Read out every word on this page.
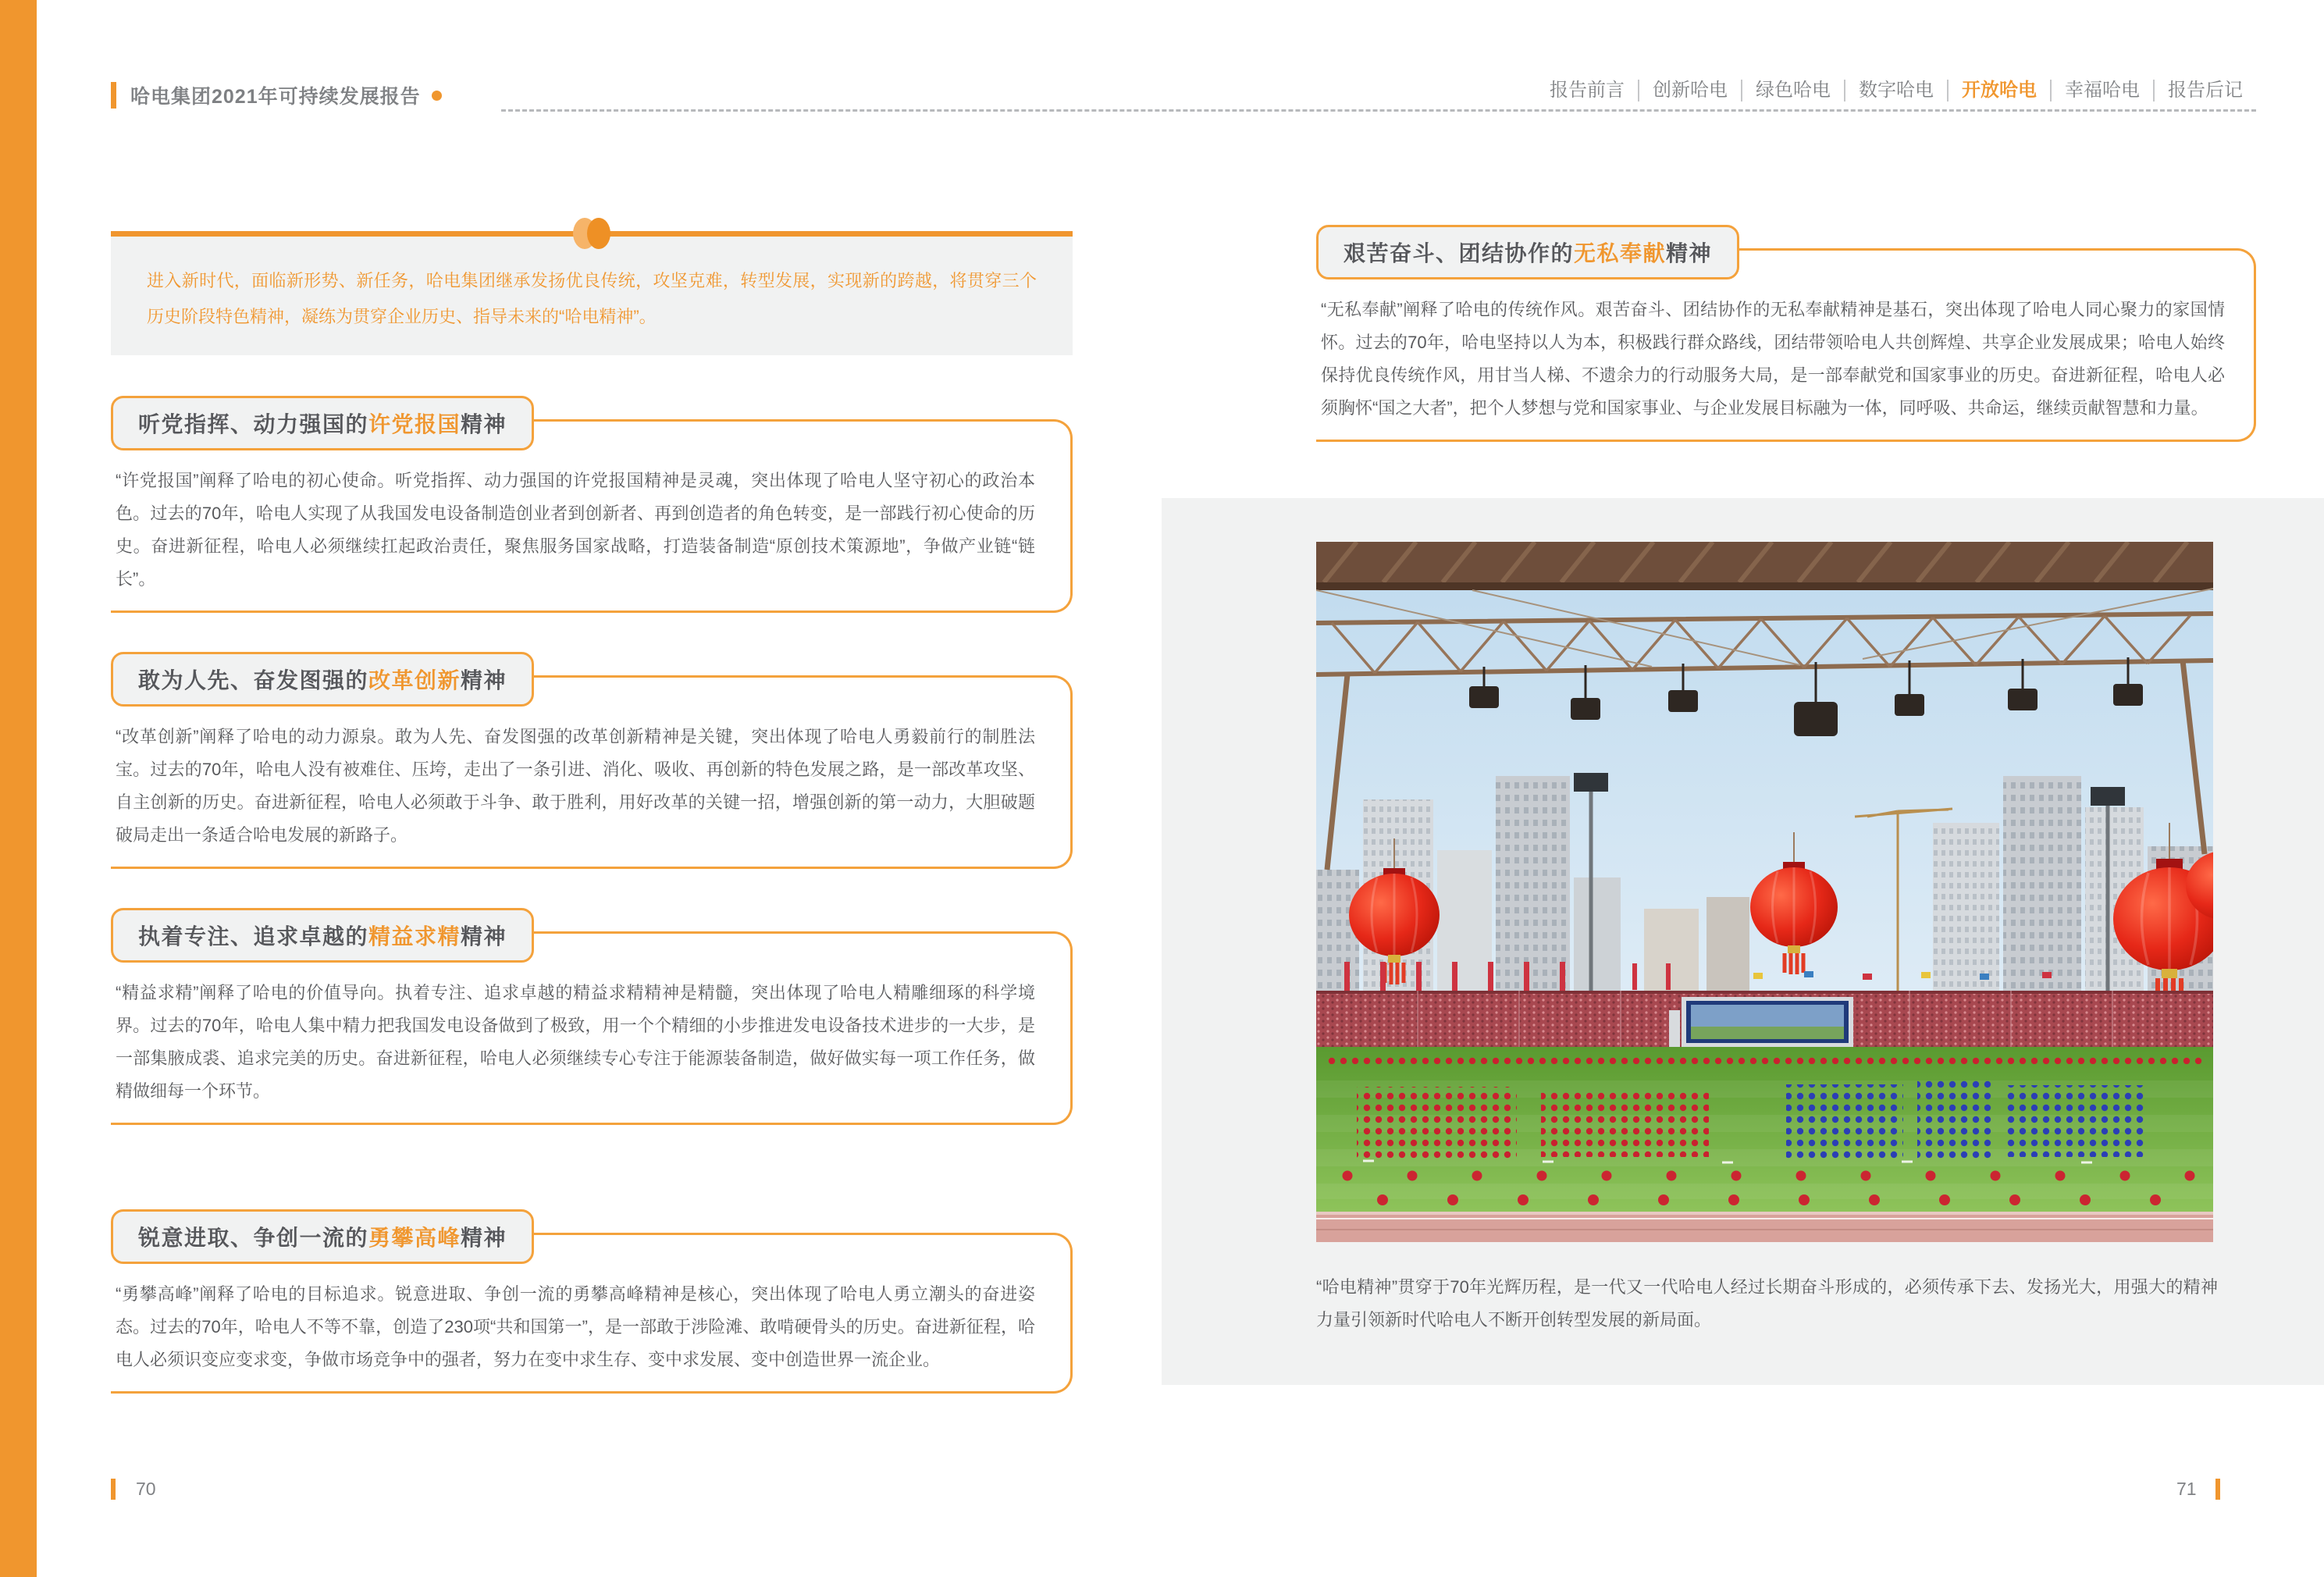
哈电集团2021年可持续发展报告	报告前言	创新哈电	绿色哈电	数字哈电	开放哈电	幸福哈电	报告后记
进入新时代，面临新形势、新任务，哈电集团继承发扬优良传统，攻坚克难，转型发展，实现新的跨越，将贯穿三个历史阶段特色精神，凝练为贯穿企业历史、指导未来的“哈电精神”。
听党指挥、动力强国的许党报国精神
“许党报国”阐释了哈电的初心使命。听党指挥、动力强国的许党报国精神是灵魂，突出体现了哈电人坚守初心的政治本色。过去的70年，哈电人实现了从我国发电设备制造创业者到创新者、再到创造者的角色转变，是一部践行初心使命的历史。奋进新征程，哈电人必须继续扛起政治责任，聚焦服务国家战略，打造装备制造“原创技术策源地”，争做产业链“链长”。
敢为人先、奋发图强的改革创新精神
“改革创新”阐释了哈电的动力源泉。敢为人先、奋发图强的改革创新精神是关键，突出体现了哈电人勇毅前行的制胜法宝。过去的70年，哈电人没有被难住、压垮，走出了一条引进、消化、吸收、再创新的特色发展之路，是一部改革攻坚、自主创新的历史。奋进新征程，哈电人必须敢于斗争、敢于胜利，用好改革的关键一招，增强创新的第一动力，大胆破题破局走出一条适合哈电发展的新路子。
执着专注、追求卓越的精益求精精神
“精益求精”阐释了哈电的价值导向。执着专注、追求卓越的精益求精精神是精髓，突出体现了哈电人精雕细琢的科学境界。过去的70年，哈电人集中精力把我国发电设备做到了极致，用一个个精细的小步推进发电设备技术进步的一大步，是一部集腋成裘、追求完美的历史。奋进新征程，哈电人必须继续专心专注于能源装备制造，做好做实每一项工作任务，做精做细每一个环节。
锐意进取、争创一流的勇攀高峰精神
“勇攀高峰”阐释了哈电的目标追求。锐意进取、争创一流的勇攀高峰精神是核心，突出体现了哈电人勇立潮头的奋进姿态。过去的70年，哈电人不等不靠，创造了230项“共和国第一”，是一部敢于涉险滩、敢啃硬骨头的历史。奋进新征程，哈电人必须识变应变求变，争做市场竞争中的强者，努力在变中求生存、变中求发展、变中创造世界一流企业。
艰苦奋斗、团结协作的无私奉献精神
“无私奉献”阐释了哈电的传统作风。艰苦奋斗、团结协作的无私奉献精神是基石，突出体现了哈电人同心聚力的家国情怀。过去的70年，哈电坚持以人为本，积极践行群众路线，团结带领哈电人共创辉煌、共享企业发展成果；哈电人始终保持优良传统作风，用甘当人梯、不遗余力的行动服务大局，是一部奉献党和国家事业的历史。奋进新征程，哈电人必须胸怀“国之大者”，把个人梦想与党和国家事业、与企业发展目标融为一体，同呼吸、共命运，继续贡献智慧和力量。
“哈电精神”贯穿于70年光辉历程，是一代又一代哈电人经过长期奋斗形成的，必须传承下去、发扬光大，用强大的精神力量引领新时代哈电人不断开创转型发展的新局面。
70	71
